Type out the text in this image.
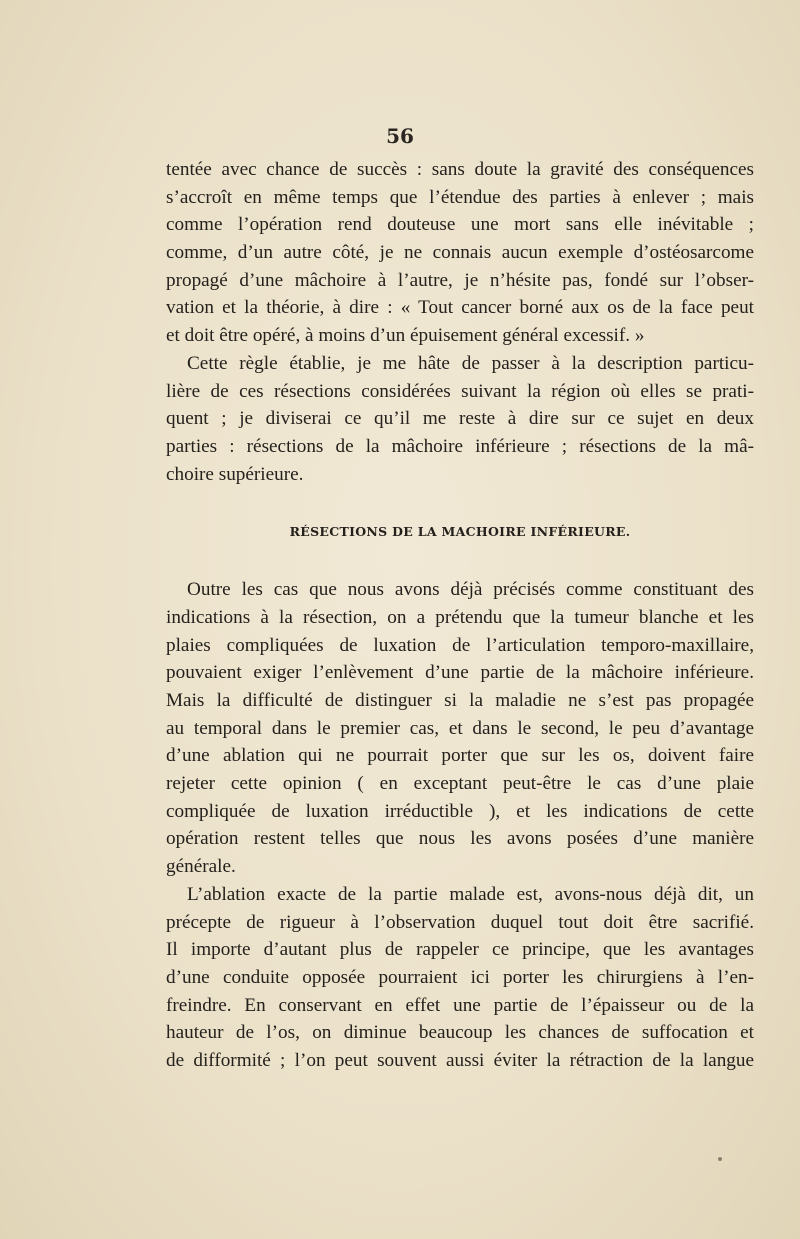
56
tentée avec chance de succès : sans doute la gravité des conséquences
s’accroît en même temps que l’étendue des parties à enlever ; mais
comme l’opération rend douteuse une mort sans elle inévitable ;
comme, d’un autre côté, je ne connais aucun exemple d’ostéosarcome
propagé d’une mâchoire à l’autre, je n’hésite pas, fondé sur l’obser-
vation et la théorie, à dire : « Tout cancer borné aux os de la face peut
et doit être opéré, à moins d’un épuisement général excessif. »
Cette règle établie, je me hâte de passer à la description particu-
lière de ces résections considérées suivant la région où elles se prati-
quent ; je diviserai ce qu’il me reste à dire sur ce sujet en deux
parties : résections de la mâchoire inférieure ; résections de la mâ-
choire supérieure.
RÉSECTIONS DE LA MACHOIRE INFÉRIEURE.
Outre les cas que nous avons déjà précisés comme constituant des
indications à la résection, on a prétendu que la tumeur blanche et les
plaies compliquées de luxation de l’articulation temporo-maxillaire,
pouvaient exiger l’enlèvement d’une partie de la mâchoire inférieure.
Mais la difficulté de distinguer si la maladie ne s’est pas propagée
au temporal dans le premier cas, et dans le second, le peu d’avantage
d’une ablation qui ne pourrait porter que sur les os, doivent faire
rejeter cette opinion ( en exceptant peut-être le cas d’une plaie
compliquée de luxation irréductible ), et les indications de cette
opération restent telles que nous les avons posées d’une manière
générale.
L’ablation exacte de la partie malade est, avons-nous déjà dit, un
précepte de rigueur à l’observation duquel tout doit être sacrifié.
Il importe d’autant plus de rappeler ce principe, que les avantages
d’une conduite opposée pourraient ici porter les chirurgiens à l’en-
freindre. En conservant en effet une partie de l’épaisseur ou de la
hauteur de l’os, on diminue beaucoup les chances de suffocation et
de difformité ; l’on peut souvent aussi éviter la rétraction de la langue
